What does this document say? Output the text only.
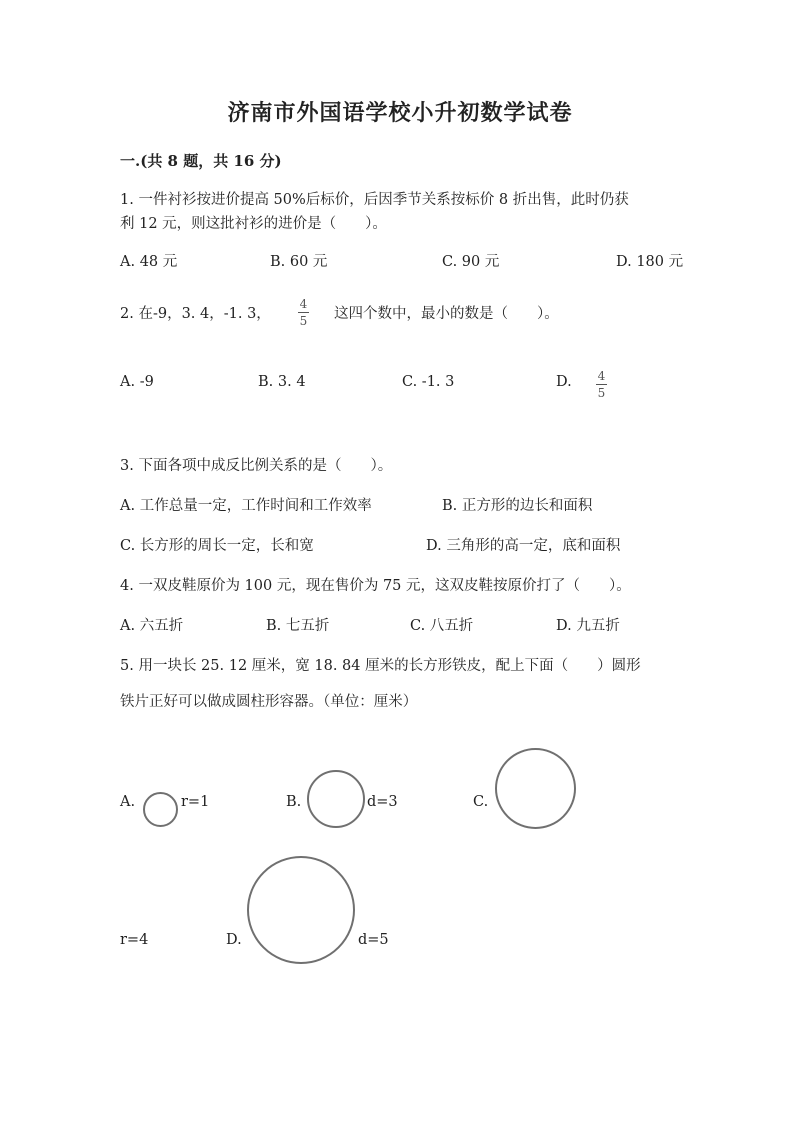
济南市外国语学校小升初数学试卷
一.(共 8 题，共 16 分)
1. 一件衬衫按进价提高 50%后标价，后因季节关系按标价 8 折出售，此时仍获
利 12 元，则这批衬衫的进价是（　　）。
A. 48 元	B. 60 元	C. 90 元	D. 180 元
2. 在-9，3. 4，-1. 3，
4
5 这四个数中，最小的数是（　　）。
A. -9	B. 3. 4	C. -1. 3	D. 4
5
3. 下面各项中成反比例关系的是（　　）。
A. 工作总量一定，工作时间和工作效率	B. 正方形的边长和面积
C. 长方形的周长一定，长和宽	D. 三角形的高一定，底和面积
4. 一双皮鞋原价为 100 元，现在售价为 75 元，这双皮鞋按原价打了（　　）。
A. 六五折	B. 七五折	C. 八五折	D. 九五折
5. 用一块长 25. 12 厘米，宽 18. 84 厘米的长方形铁皮，配上下面（　　）圆形
铁片正好可以做成圆柱形容器。（单位：厘米）
A.	r=1	B.	d=3	C.
r=4	D.	d=5
